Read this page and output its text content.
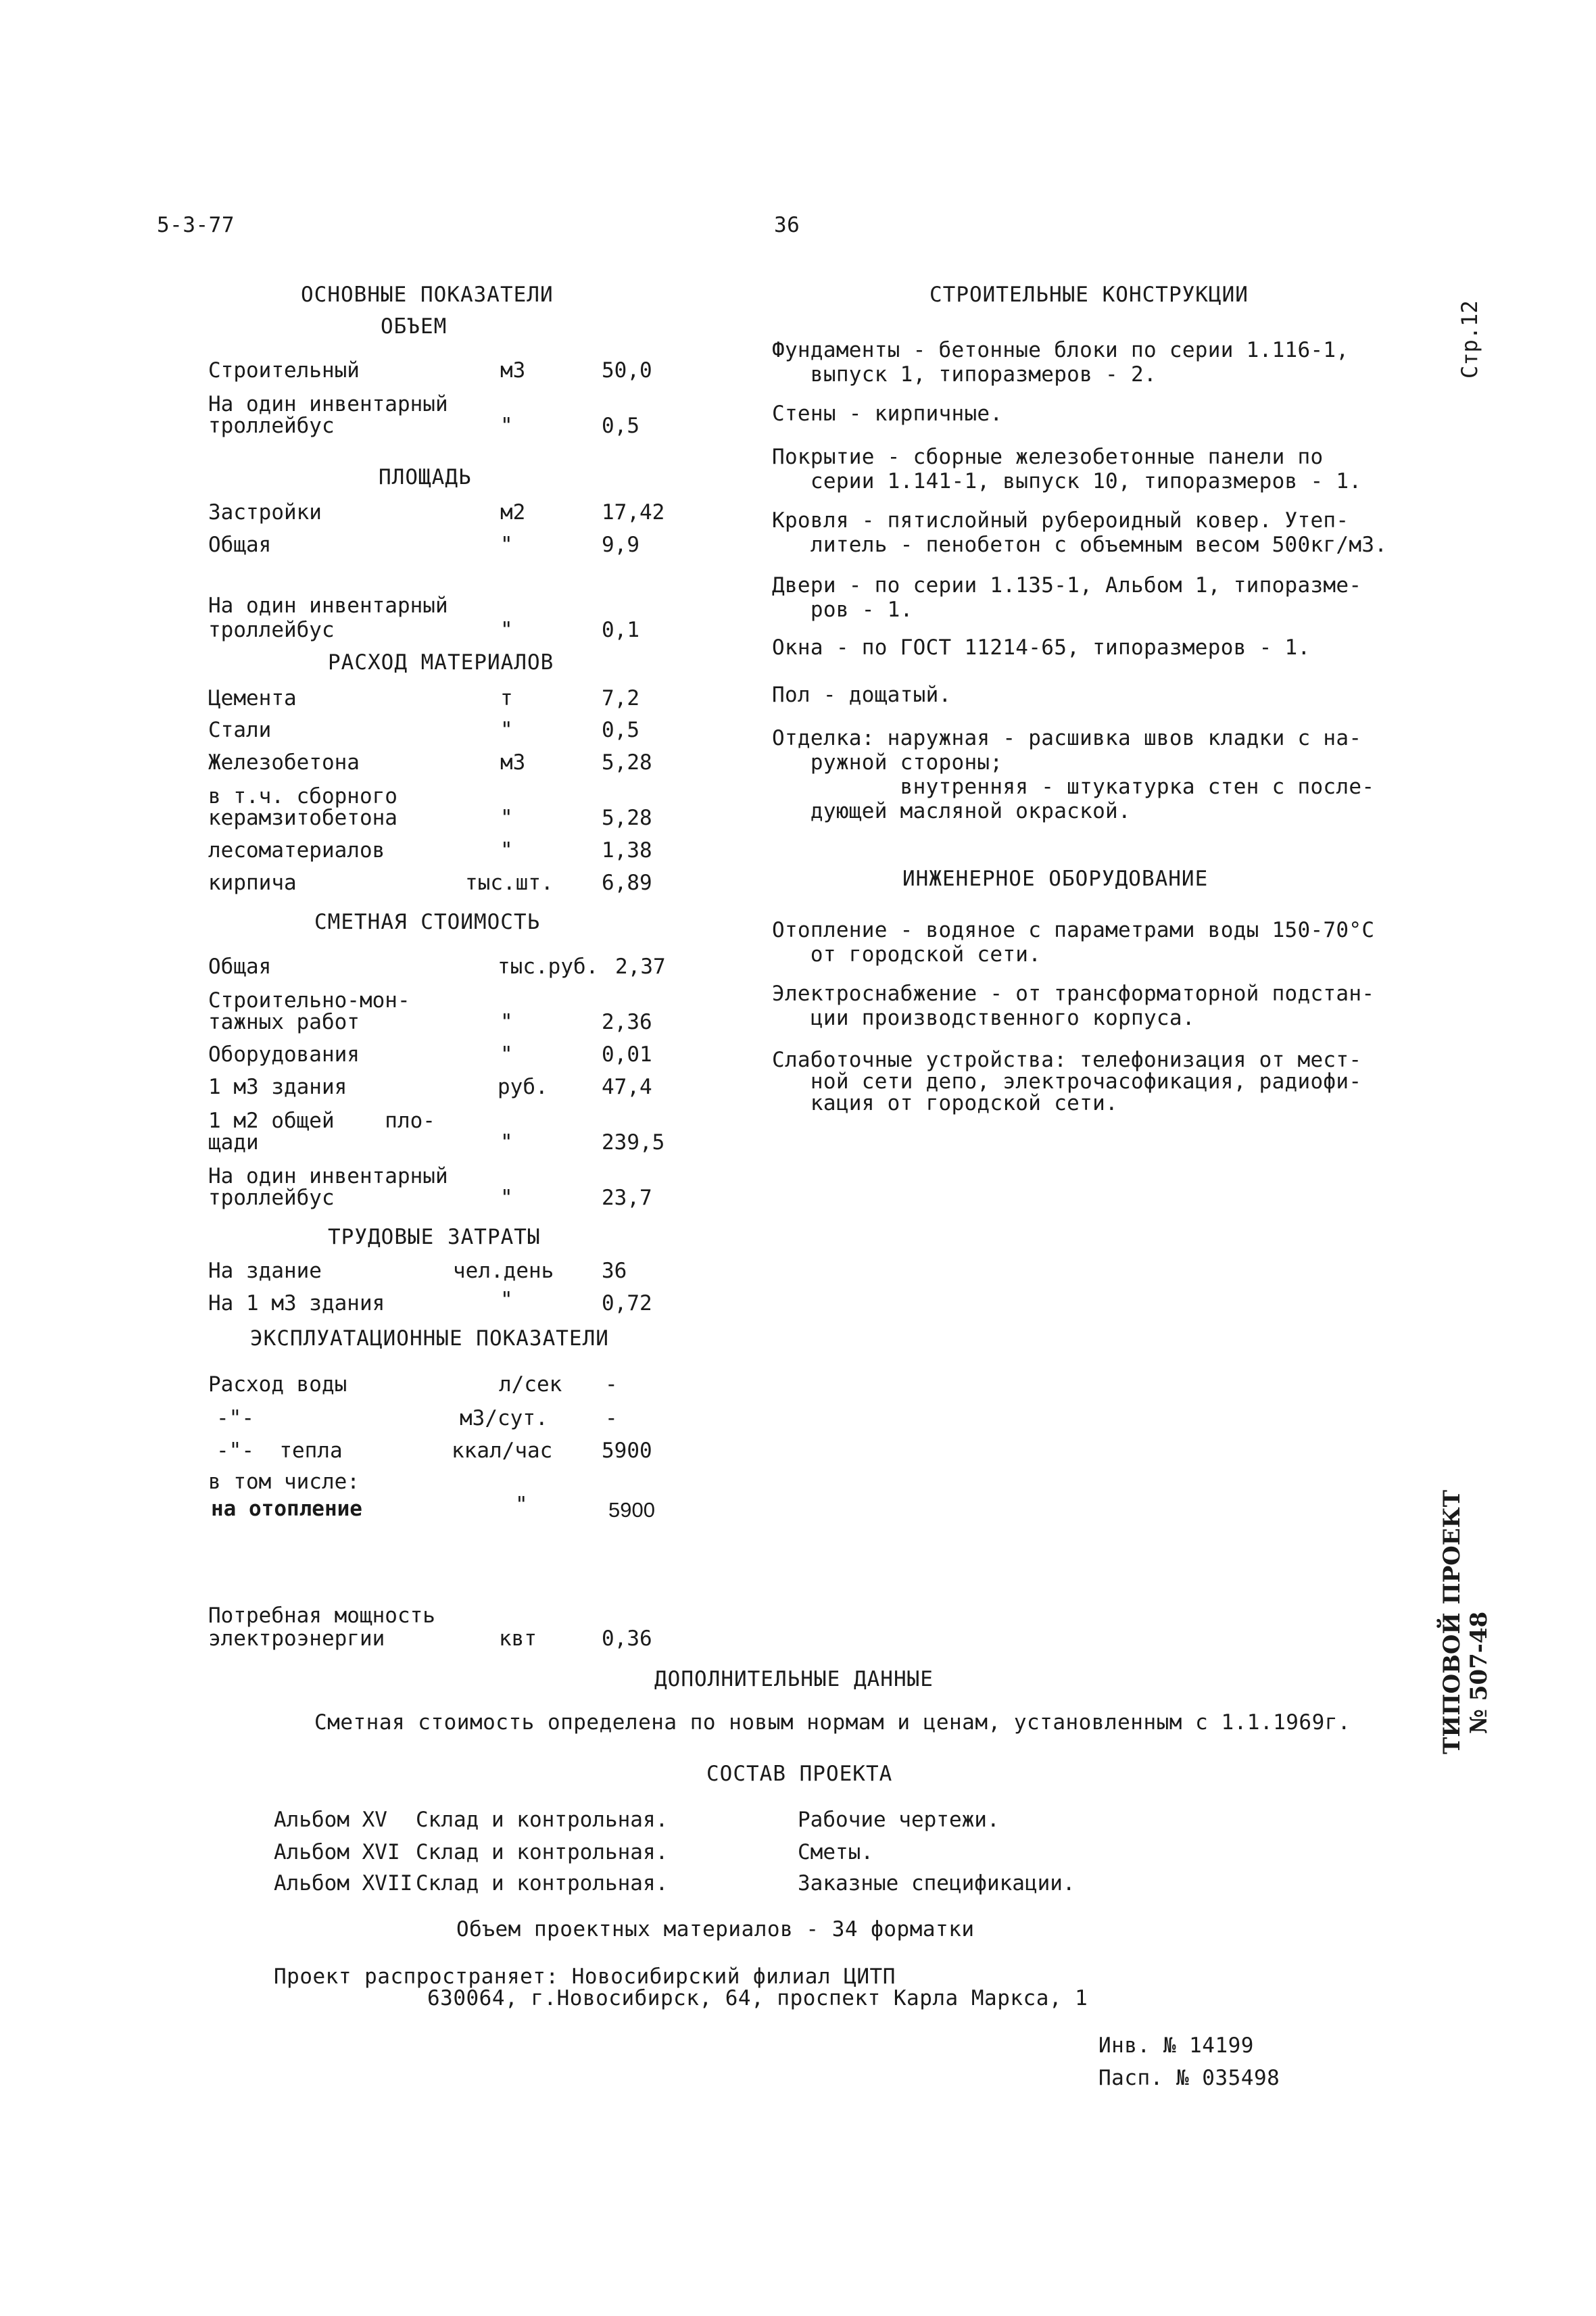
5-3-77	36
Стр.12
ТИПОВОЙ ПРОЕКТ № 507-48
ОСНОВНЫЕ ПОКАЗАТЕЛИ
ОБЪЕМ
Строительный	м3	50,0
На один инвентарный
троллейбус	"	0,5
ПЛОЩАДЬ
Застройки	м2	17,42
Общая	"	9,9
На один инвентарный
троллейбус	"	0,1
РАСХОД МАТЕРИАЛОВ
Цемента	т	7,2
Стали	"	0,5
Железобетона	м3	5,28
в т.ч. сборного
керамзитобетона	"	5,28
лесоматериалов	"	1,38
кирпича	тыс.шт. 6,89
СМЕТНАЯ СТОИМОСТЬ
Общая	тыс.руб. 2,37
Строительно-мон-
тажных работ	"	2,36
Оборудования	"	0,01
1 м3 здания	руб.	47,4
1 м2 общей    пло-
щади	"	239,5
На один инвентарный
троллейбус	"	23,7
ТРУДОВЫЕ ЗАТРАТЫ
На здание	чел.день 36
На 1 м3 здания	"	0,72
ЭКСПЛУАТАЦИОННЫЕ ПОКАЗАТЕЛИ
Расход воды	л/сек -
-"-	м3/сут.	-
-"-  тепла	ккал/час 5900
в том числе:
на отопление	"	5900
Потребная мощность
электроэнергии	квт	0,36
СТРОИТЕЛЬНЫЕ КОНСТРУКЦИИ
Фундаменты - бетонные блоки по серии 1.116-1,
выпуск 1, типоразмеров - 2.
Стены - кирпичные.
Покрытие - сборные железобетонные панели по
серии 1.141-1, выпуск 10, типоразмеров - 1.
Кровля - пятислойный рубероидный ковер. Утеп-
литель - пенобетон с объемным весом 500кг/м3.
Двери - по серии 1.135-1, Альбом 1, типоразме-
ров - 1.
Окна - по ГОСТ 11214-65, типоразмеров - 1.
Пол - дощатый.
Отделка: наружная - расшивка швов кладки с на-
ружной стороны;
внутренняя - штукатурка стен с после-
дующей масляной окраской.
ИНЖЕНЕРНОЕ ОБОРУДОВАНИЕ
Отопление - водяное с параметрами воды 150-70°С
от городской сети.
Электроснабжение - от трансформаторной подстан-
ции производственного корпуса.
Слаботочные устройства: телефонизация от мест-
ной сети депо, электрочасофикация, радиофи-
кация от городской сети.
ДОПОЛНИТЕЛЬНЫЕ ДАННЫЕ
Сметная стоимость определена по новым нормам и ценам, установленным с 1.1.1969г.
СОСТАВ ПРОЕКТА
Альбом XV Склад и контрольная.	Рабочие чертежи.
Альбом XVI Склад и контрольная.	Сметы.
Альбом XVII Склад и контрольная.	Заказные спецификации.
Объем проектных материалов - 34 форматки
Проект распространяет: Новосибирский филиал ЦИТП
630064, г.Новосибирск, 64, проспект Карла Маркса, 1
Инв. № 14199
Пасп. № 035498
